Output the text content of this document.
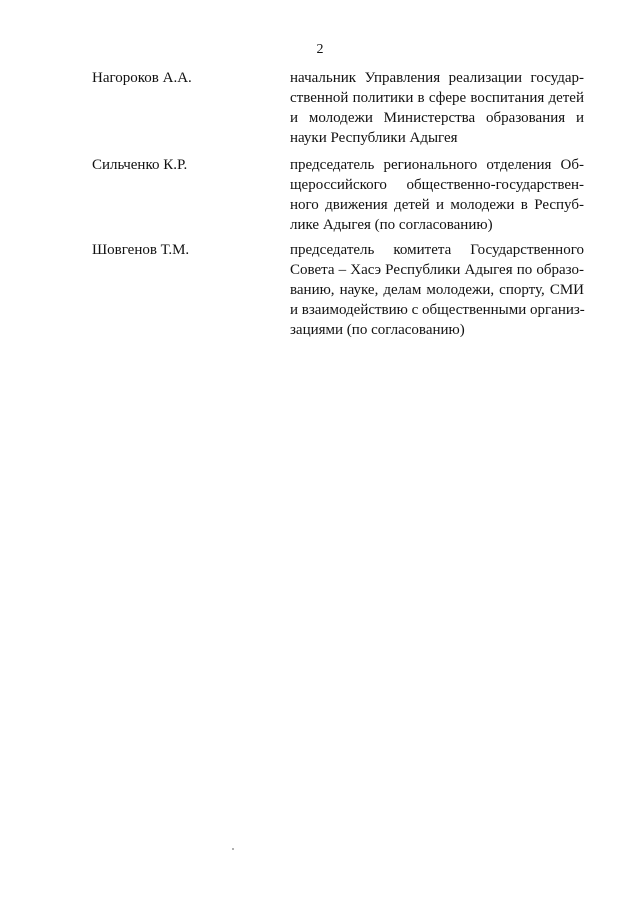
2
Нагороков А.А.	начальник Управления реализации государ-
ственной политики в сфере воспитания детей
и молодежи Министерства образования и
науки Республики Адыгея
Сильченко К.Р.	председатель регионального отделения Об-
щероссийского общественно-государствен-
ного движения детей и молодежи в Респуб-
лике Адыгея (по согласованию)
Шовгенов Т.М.	председатель комитета Государственного
Совета – Хасэ Республики Адыгея по образо-
ванию, науке, делам молодежи, спорту, СМИ
и взаимодействию с общественными организ-
зациями (по согласованию)
